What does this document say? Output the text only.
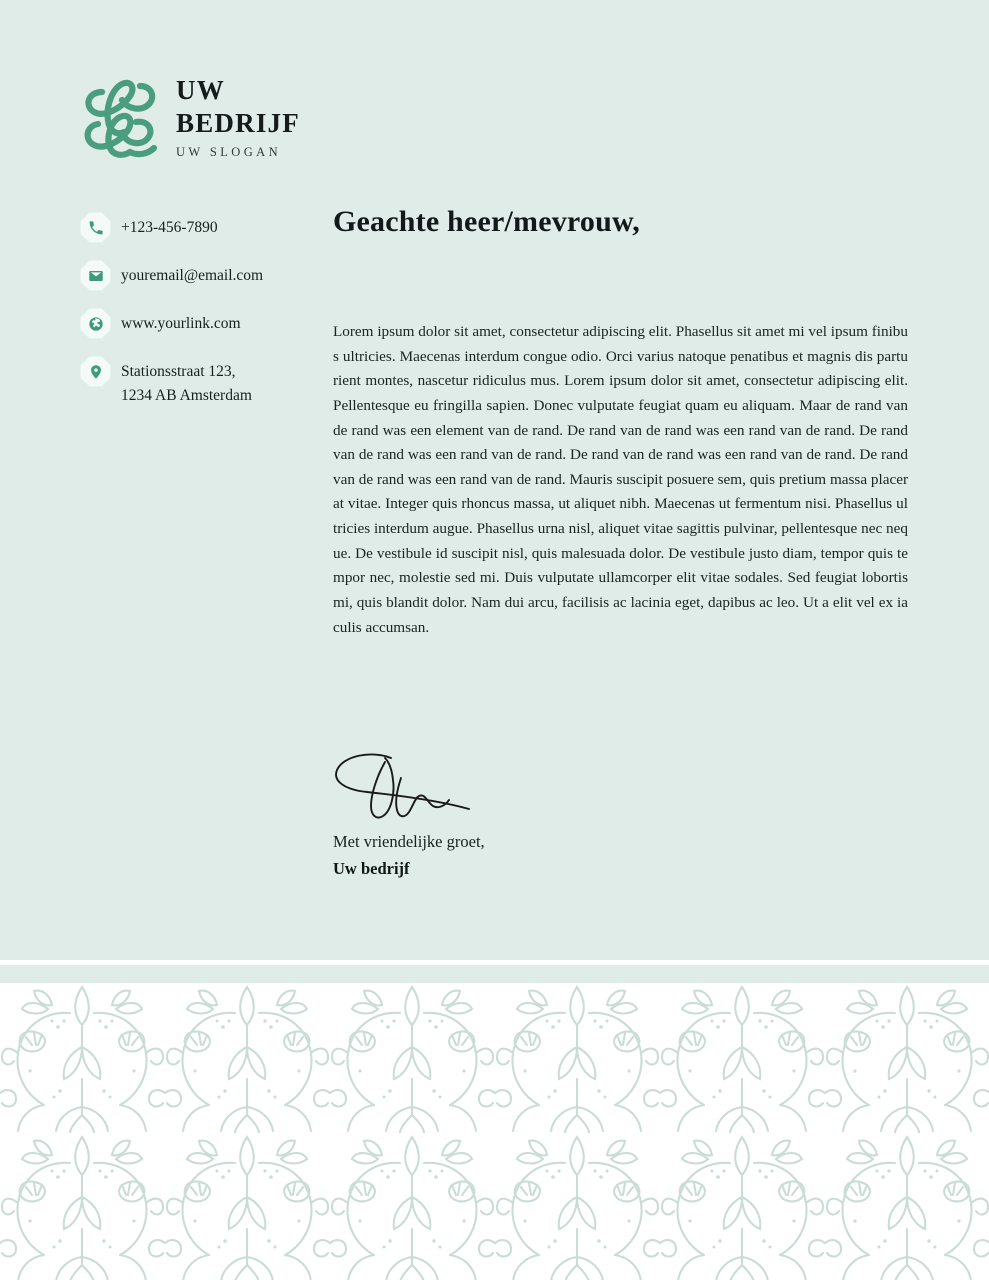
UW
BEDRIJF
UW SLOGAN
+123-456-7890
youremail@email.com
www.yourlink.com
Stationsstraat 123,
1234 AB Amsterdam
Geachte heer/mevrouw,
Lorem ipsum dolor sit amet, consectetur adipiscing elit. Phasellus sit amet mi vel ipsum finibus ultricies. Maecenas interdum congue odio. Orci varius natoque penatibus et magnis dis parturient montes, nascetur ridiculus mus. Lorem ipsum dolor sit amet, consectetur adipiscing elit. Pellentesque eu fringilla sapien. Donec vulputate feugiat quam eu aliquam. Maar de rand van de rand was een element van de rand. De rand van de rand was een rand van de rand. De rand van de rand was een rand van de rand. De rand van de rand was een rand van de rand. De rand van de rand was een rand van de rand. Mauris suscipit posuere sem, quis pretium massa placerat vitae. Integer quis rhoncus massa, ut aliquet nibh. Maecenas ut fermentum nisi. Phasellus ultricies interdum augue. Phasellus urna nisl, aliquet vitae sagittis pulvinar, pellentesque nec neque. De vestibule id suscipit nisl, quis malesuada dolor. De vestibule justo diam, tempor quis tempor nec, molestie sed mi. Duis vulputate ullamcorper elit vitae sodales. Sed feugiat lobortis mi, quis blandit dolor. Nam dui arcu, facilisis ac lacinia eget, dapibus ac leo. Ut a elit vel ex iaculis accumsan.
Met vriendelijke groet,
Uw bedrijf
